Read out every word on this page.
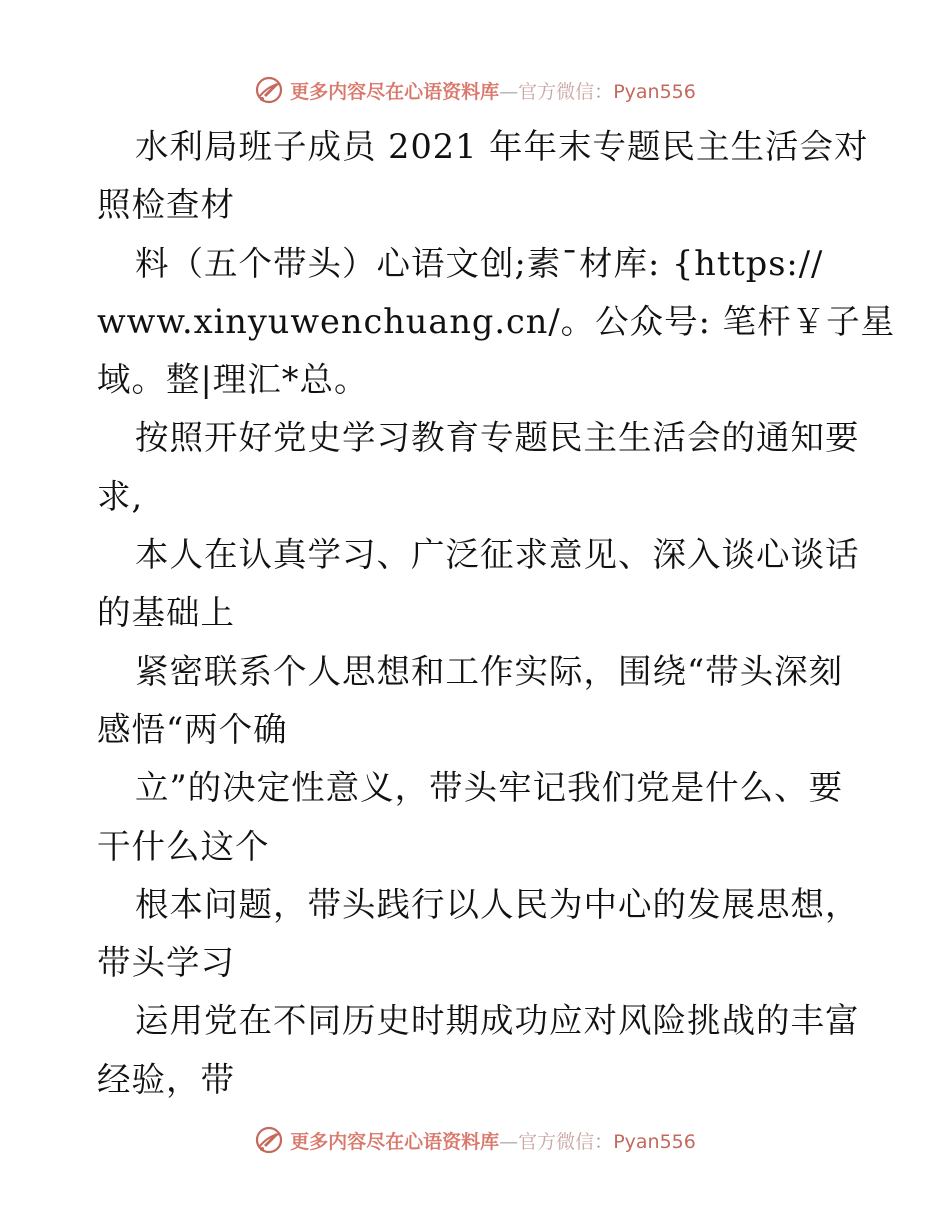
更多内容尽在心语资料库—官方微信：Pyan556
水利局班子成员 2021 年年末专题民主生活会对
照检查材
料（五个带头）心语文创;素¯材库: {https://
www.xinyuwenchuang.cn/。公众号: 笔杆￥子星
域。整|理汇*总。
按照开好党史学习教育专题民主生活会的通知要
求,
本人在认真学习、广泛征求意见、深入谈心谈话
的基础上
紧密联系个人思想和工作实际，围绕“带头深刻
感悟“两个确
立”的决定性意义，带头牢记我们党是什么、要
干什么这个
根本问题，带头践行以人民为中心的发展思想，
带头学习
运用党在不同历史时期成功应对风险挑战的丰富
经验，带
更多内容尽在心语资料库—官方微信：Pyan556
